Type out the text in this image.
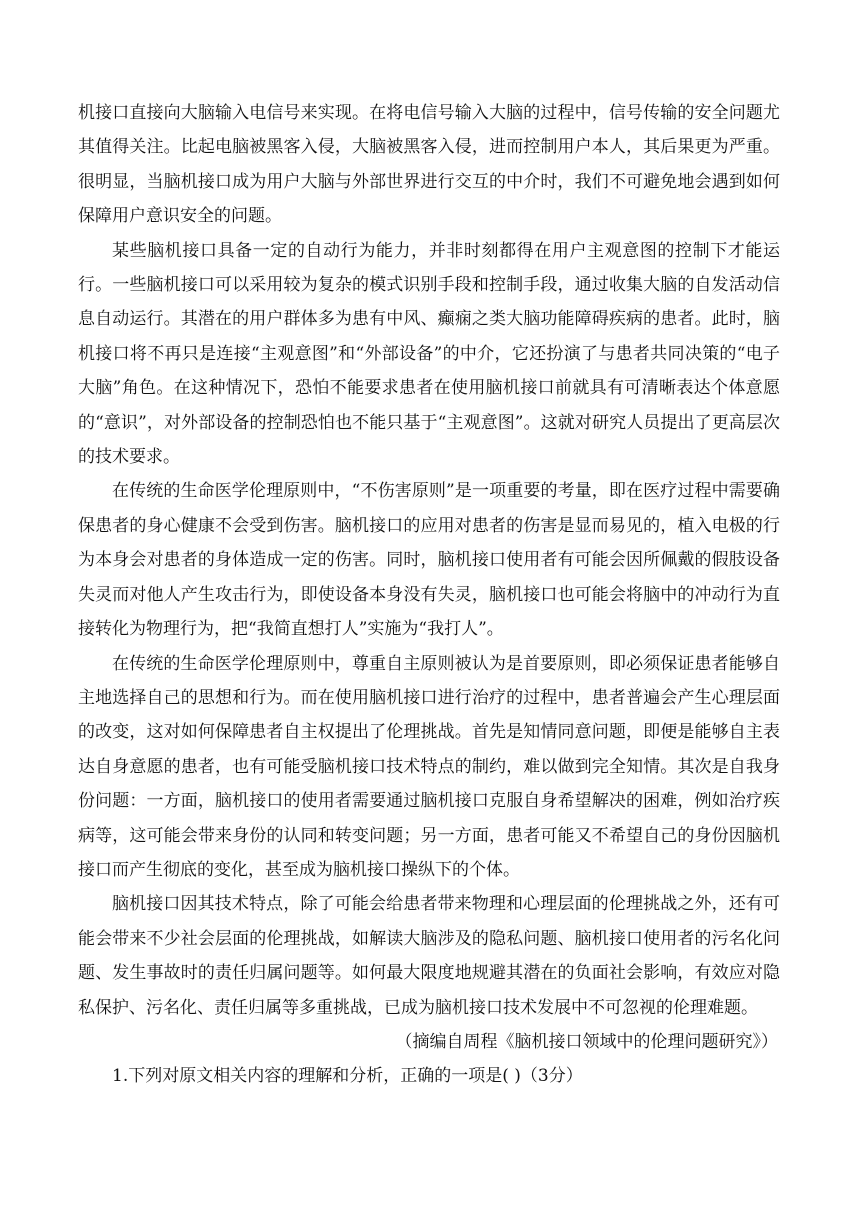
机接口直接向大脑输入电信号来实现。在将电信号输入大脑的过程中，信号传输的安全问题尤其值得关注。比起电脑被黑客入侵，大脑被黑客入侵，进而控制用户本人，其后果更为严重。很明显，当脑机接口成为用户大脑与外部世界进行交互的中介时，我们不可避免地会遇到如何保障用户意识安全的问题。

某些脑机接口具备一定的自动行为能力，并非时刻都得在用户主观意图的控制下才能运行。一些脑机接口可以采用较为复杂的模式识别手段和控制手段，通过收集大脑的自发活动信息自动运行。其潜在的用户群体多为患有中风、癫痫之类大脑功能障碍疾病的患者。此时，脑机接口将不再只是连接“主观意图”和“外部设备”的中介，它还扮演了与患者共同决策的“电子大脑”角色。在这种情况下，恐怕不能要求患者在使用脑机接口前就具有可清晰表达个体意愿的“意识”，对外部设备的控制恐怕也不能只基于“主观意图”。这就对研究人员提出了更高层次的技术要求。

在传统的生命医学伦理原则中，“不伤害原则”是一项重要的考量，即在医疗过程中需要确保患者的身心健康不会受到伤害。脑机接口的应用对患者的伤害是显而易见的，植入电极的行为本身会对患者的身体造成一定的伤害。同时，脑机接口使用者有可能会因所佩戴的假肢设备失灵而对他人产生攻击行为，即使设备本身没有失灵，脑机接口也可能会将脑中的冲动行为直接转化为物理行为，把“我简直想打人”实施为“我打人”。

在传统的生命医学伦理原则中，尊重自主原则被认为是首要原则，即必须保证患者能够自主地选择自己的思想和行为。而在使用脑机接口进行治疗的过程中，患者普遍会产生心理层面的改变，这对如何保障患者自主权提出了伦理挑战。首先是知情同意问题，即便是能够自主表达自身意愿的患者，也有可能受脑机接口技术特点的制约，难以做到完全知情。其次是自我身份问题：一方面，脑机接口的使用者需要通过脑机接口克服自身希望解决的困难，例如治疗疾病等，这可能会带来身份的认同和转变问题；另一方面，患者可能又不希望自己的身份因脑机接口而产生彻底的变化，甚至成为脑机接口操纵下的个体。

脑机接口因其技术特点，除了可能会给患者带来物理和心理层面的伦理挑战之外，还有可能会带来不少社会层面的伦理挑战，如解读大脑涉及的隐私问题、脑机接口使用者的污名化问题、发生事故时的责任归属问题等。如何最大限度地规避其潜在的负面社会影响，有效应对隐私保护、污名化、责任归属等多重挑战，已成为脑机接口技术发展中不可忽视的伦理难题。

（摘编自周程《脑机接口领域中的伦理问题研究》）

1.下列对原文相关内容的理解和分析，正确的一项是( )（3分）
